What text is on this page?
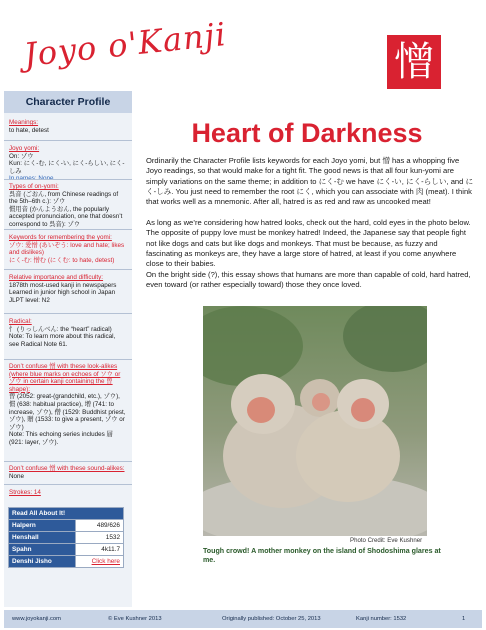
Joyo o'Kanji	憎
Character Profile
Meanings:
to hate, detest
Joyo yomi:
On: ゾウ
Kun: にく-む, にく-い, にく-らしい, にく-しみ
In names: None
Types of on-yomi:
呉音 (ごおん, from Chinese readings of the 5th–6th c.): ゾウ
慣用音 (かんようおん, the popularly accepted pronunciation, one that doesn’t correspond to 呉音): ゾウ
Keywords for remembering the yomi:
ゾウ: 愛憎 (あいぞう: love and hate; likes and dislikes)
にく-む: 憎む (にくむ: to hate, detest)
Relative importance and difficulty:
1878th most-used kanji in newspapers
Learned in junior high school in Japan
JLPT level: N2
Radical:
忄 (りっしんべん: the “heart” radical)
Note: To learn more about this radical, see Radical Note 61.
Don’t confuse 憎 with these look-alikes (where blue marks on echoes of ソウ or ゾウ in certain kanji containing the 曽 shape):
曽 (2052: great-(grandchild, etc.), ゾウ), 慣 (638: habitual practice), 増 (741: to increase, ゾウ), 僧 (1529: Buddhist priest, ゾウ), 贈 (1533: to give a present, ゾウ or ゾウ)
Note: This echoing series includes 層 (921: layer, ゾウ).
Don’t confuse 憎 with these sound-alikes:
None
Strokes: 14
Read All About It!	
Halpern	489/626
Henshall	1532
Spahn	4k11.7
Denshi Jisho	Click here
Heart of Darkness
Ordinarily the Character Profile lists keywords for each Joyo yomi, but 憎 has a whopping five Joyo readings, so that would make for a tight fit. The good news is that all four kun-yomi are simply variations on the same theme; in addition to にく-む we have にく-い, にく-らしい, and にく-しみ. You just need to remember the root にく, which you can associate with 肉 (meat). I think that works well as a mnemonic. After all, hatred is as red and raw as uncooked meat!
As long as we’re considering how hatred looks, check out the hard, cold eyes in the photo below. The opposite of puppy love must be monkey hatred! Indeed, the Japanese say that people fight not like dogs and cats but like dogs and monkeys. That must be because, as fuzzy and fascinating as monkeys are, they have a large store of hatred, at least if you come anywhere close to their babies.
On the bright side (?), this essay shows that humans are more than capable of cold, hard hatred, even toward (or rather especially toward) those they once loved.
Photo Credit: Eve Kushner
Tough crowd! A mother monkey on the island of Shodoshima glares at me.
www.joyokanji.com	© Eve Kushner 2013	Originally published: October 25, 2013	Kanji number: 1532	1
